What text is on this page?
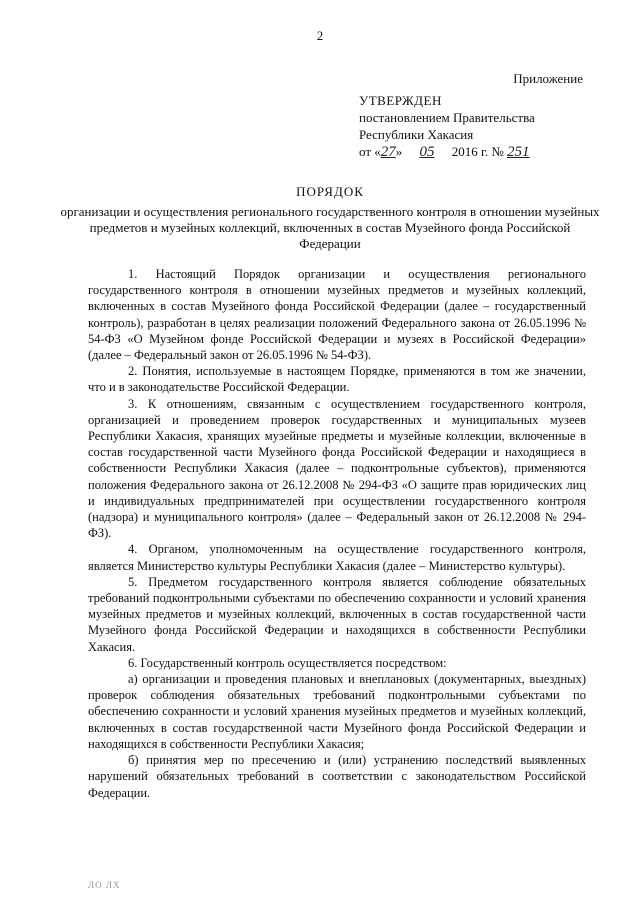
2
Приложение
УТВЕРЖДЕН
постановлением Правительства
Республики Хакасия
от «27» 05 2016 г. № 251
ПОРЯДОК
организации и осуществления регионального государственного контроля в отношении музейных предметов и музейных коллекций, включенных в состав Музейного фонда Российской Федерации

1. Настоящий Порядок организации и осуществления регионального государственного контроля в отношении музейных предметов и музейных коллекций, включенных в состав Музейного фонда Российской Федерации (далее – государственный контроль), разработан в целях реализации положений Федерального закона от 26.05.1996 № 54-ФЗ «О Музейном фонде Российской Федерации и музеях в Российской Федерации» (далее – Федеральный закон от 26.05.1996 № 54-ФЗ).

2. Понятия, используемые в настоящем Порядке, применяются в том же значении, что и в законодательстве Российской Федерации.

3. К отношениям, связанным с осуществлением государственного контроля, организацией и проведением проверок государственных и муниципальных музеев Республики Хакасия, хранящих музейные предметы и музейные коллекции, включенные в состав государственной части Музейного фонда Российской Федерации и находящиеся в собственности Республики Хакасия (далее – подконтрольные субъектов), применяются положения Федерального закона от 26.12.2008 № 294-ФЗ «О защите прав юридических лиц и индивидуальных предпринимателей при осуществлении государственного контроля (надзора) и муниципального контроля» (далее – Федеральный закон от 26.12.2008 № 294-ФЗ).

4. Органом, уполномоченным на осуществление государственного контроля, является Министерство культуры Республики Хакасия (далее – Министерство культуры).

5. Предметом государственного контроля является соблюдение обязательных требований подконтрольными субъектами по обеспечению сохранности и условий хранения музейных предметов и музейных коллекций, включенных в состав государственной части Музейного фонда Российской Федерации и находящихся в собственности Республики Хакасия.

6. Государственный контроль осуществляется посредством:

а) организации и проведения плановых и внеплановых (документарных, выездных) проверок соблюдения обязательных требований подконтрольными субъектами по обеспечению сохранности и условий хранения музейных предметов и музейных коллекций, включенных в состав государственной части Музейного фонда Российской Федерации и находящихся в собственности Республики Хакасия;

б) принятия мер по пресечению и (или) устранению последствий выявленных нарушений обязательных требований в соответствии с законодательством Российской Федерации.

ЛО ЛХ
